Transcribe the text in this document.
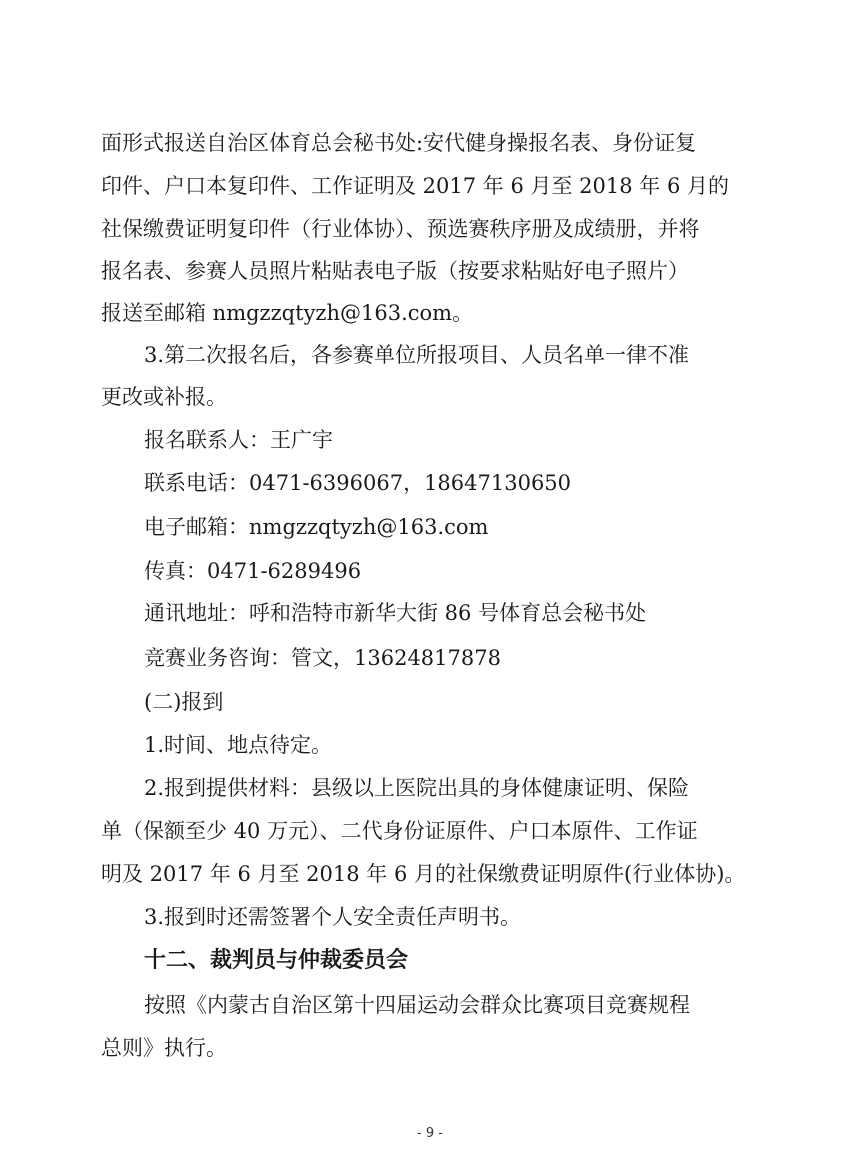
面形式报送自治区体育总会秘书处:安代健身操报名表、身份证复
印件、户口本复印件、工作证明及 2017 年 6 月至 2018 年 6 月的
社保缴费证明复印件（行业体协）、预选赛秩序册及成绩册，并将
报名表、参赛人员照片粘贴表电子版（按要求粘贴好电子照片）
报送至邮箱 nmgzzqtyzh@163.com。
3.第二次报名后，各参赛单位所报项目、人员名单一律不准
更改或补报。
报名联系人：王广宇
联系电话：0471-6396067，18647130650
电子邮箱：nmgzzqtyzh@163.com
传真：0471-6289496
通讯地址：呼和浩特市新华大街 86 号体育总会秘书处
竞赛业务咨询：管文，13624817878
(二)报到
1.时间、地点待定。
2.报到提供材料：县级以上医院出具的身体健康证明、保险
单（保额至少 40 万元）、二代身份证原件、户口本原件、工作证
明及 2017 年 6 月至 2018 年 6 月的社保缴费证明原件(行业体协)。
3.报到时还需签署个人安全责任声明书。
十二、裁判员与仲裁委员会
按照《内蒙古自治区第十四届运动会群众比赛项目竞赛规程
总则》执行。
- 9 -
